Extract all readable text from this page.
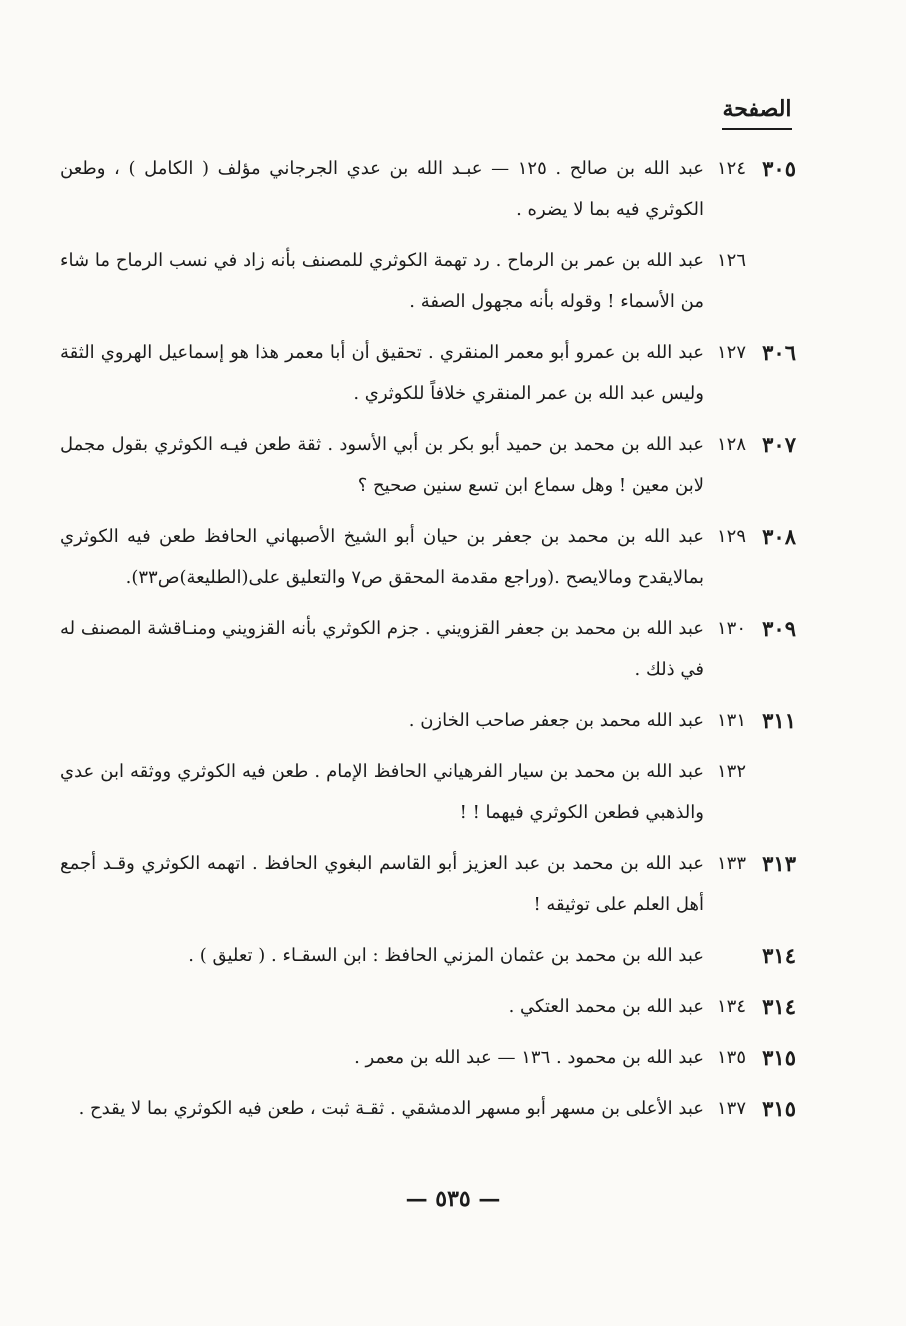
الصفحة
٣٠٥
١٢٤
عبد الله بن صالح . ١٢٥ — عبـد الله بن عدي الجرجاني مؤلف ( الكامل ) ، وطعن الكوثري فيه بما لا يضره .
١٢٦
عبد الله بن عمر بن الرماح . رد تهمة الكوثري للمصنف بأنه زاد في نسب الرماح ما شاء من الأسماء ! وقوله بأنه مجهول الصفة .
٣٠٦
١٢٧
عبد الله بن عمرو أبو معمر المنقري . تحقيق أن أبا معمر هذا هو إسماعيل الهروي الثقة وليس عبد الله بن عمر المنقري خلافاً للكوثري .
٣٠٧
١٢٨
عبد الله بن محمد بن حميد أبو بكر بن أبي الأسود . ثقة طعن فيـه الكوثري بقول مجمل لابن معين ! وهل سماع ابن تسع سنين صحيح ؟
٣٠٨
١٢٩
عبد الله بن محمد بن جعفر بن حيان أبو الشيخ الأصبهاني الحافظ طعن فيه الكوثري بمالايقدح ومالايصح .(وراجع مقدمة المحقق ص٧ والتعليق على(الطليعة)ص٣٣).
٣٠٩
١٣٠
عبد الله بن محمد بن جعفر القزويني . جزم الكوثري بأنه القزويني ومنـاقشة المصنف له في ذلك .
٣١١
١٣١
عبد الله محمد بن جعفر صاحب الخازن .
١٣٢
عبد الله بن محمد بن سيار الفرهياني الحافظ الإمام . طعن فيه الكوثري ووثقه ابن عدي والذهبي فطعن الكوثري فيهما ! !
٣١٣
١٣٣
عبد الله بن محمد بن عبد العزيز أبو القاسم البغوي الحافظ . اتهمه الكوثري وقـد أجمع أهل العلم على توثيقه !
٣١٤
عبد الله بن محمد بن عثمان المزني الحافظ : ابن السقـاء . ( تعليق ) .
٣١٤
١٣٤
عبد الله بن محمد العتكي .
٣١٥
١٣٥
عبد الله بن محمود . ١٣٦ — عبد الله بن معمر .
٣١٥
١٣٧
عبد الأعلى بن مسهر أبو مسهر الدمشقي . ثقـة ثبت ، طعن فيه الكوثري بما لا يقدح .
— ٥٣٥ —
